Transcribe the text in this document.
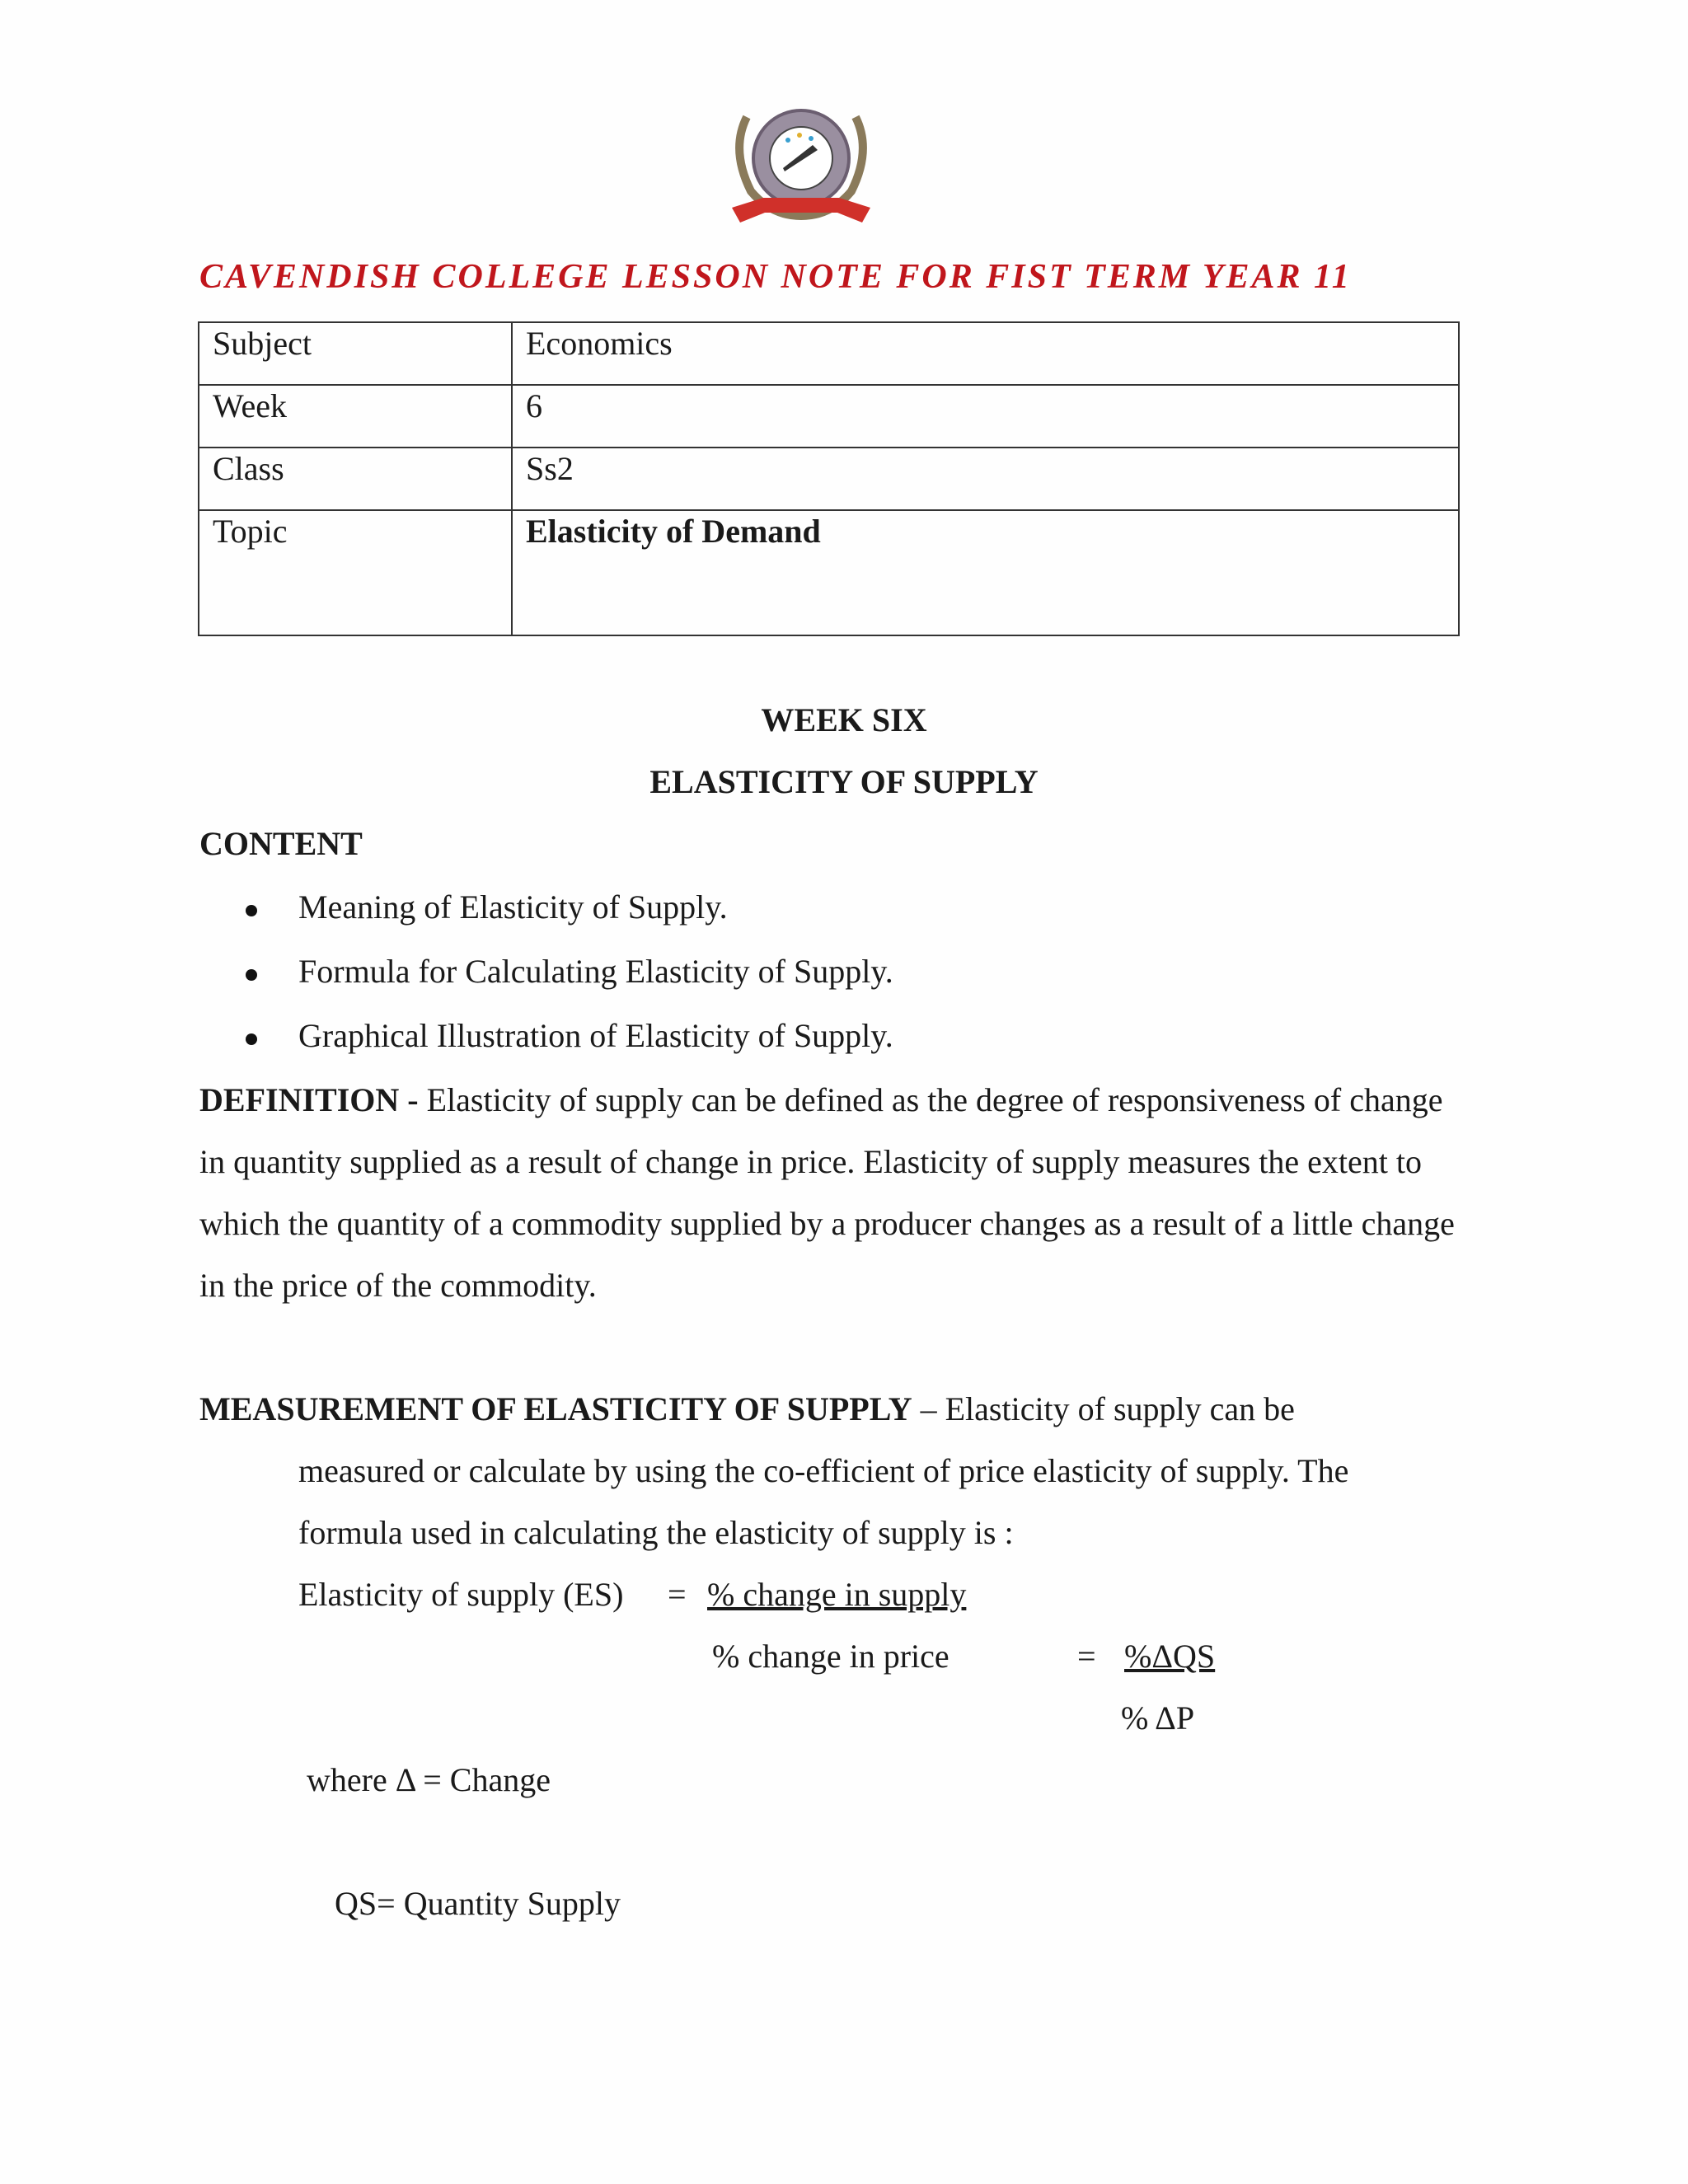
CAVENDISH COLLEGE LESSON NOTE FOR FIST TERM YEAR 11
Subject	Economics
Week	6
Class	Ss2
Topic	Elasticity of Demand
WEEK SIX
ELASTICITY OF SUPPLY
CONTENT
Meaning of Elasticity of Supply.
Formula for Calculating Elasticity of Supply.
Graphical Illustration of Elasticity of Supply.
DEFINITION - Elasticity of supply can be defined as the degree of responsiveness of change in quantity supplied as a result of change in price. Elasticity of supply measures the extent to which the quantity of a commodity supplied by a producer changes as a result of a little change in the price of the commodity.
MEASUREMENT OF ELASTICITY OF SUPPLY – Elasticity of supply can be
measured or calculate by using the co-efficient of price elasticity of supply. The
formula used in calculating the elasticity of supply is :
Elasticity of supply (ES) = % change in supply
% change in price	= %ΔQS
% ΔP
where Δ = Change
QS= Quantity Supply
